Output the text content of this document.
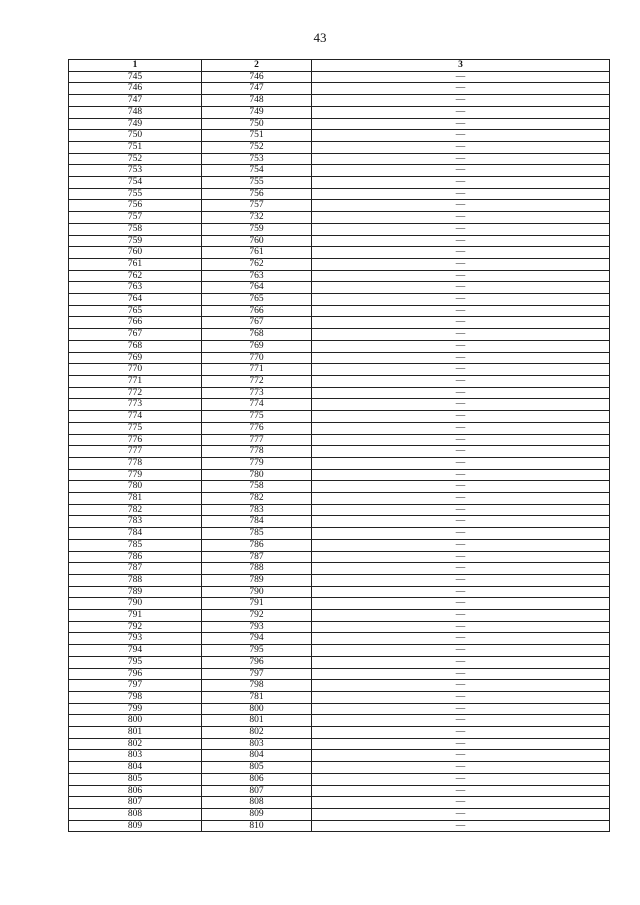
43
1	2	3
745	746	—
746	747	—
747	748	—
748	749	—
749	750	—
750	751	—
751	752	—
752	753	—
753	754	—
754	755	—
755	756	—
756	757	—
757	732	—
758	759	—
759	760	—
760	761	—
761	762	—
762	763	—
763	764	—
764	765	—
765	766	—
766	767	—
767	768	—
768	769	—
769	770	—
770	771	—
771	772	—
772	773	—
773	774	—
774	775	—
775	776	—
776	777	—
777	778	—
778	779	—
779	780	—
780	758	—
781	782	—
782	783	—
783	784	—
784	785	—
785	786	—
786	787	—
787	788	—
788	789	—
789	790	—
790	791	—
791	792	—
792	793	—
793	794	—
794	795	—
795	796	—
796	797	—
797	798	—
798	781	—
799	800	—
800	801	—
801	802	—
802	803	—
803	804	—
804	805	—
805	806	—
806	807	—
807	808	—
808	809	—
809	810	—
